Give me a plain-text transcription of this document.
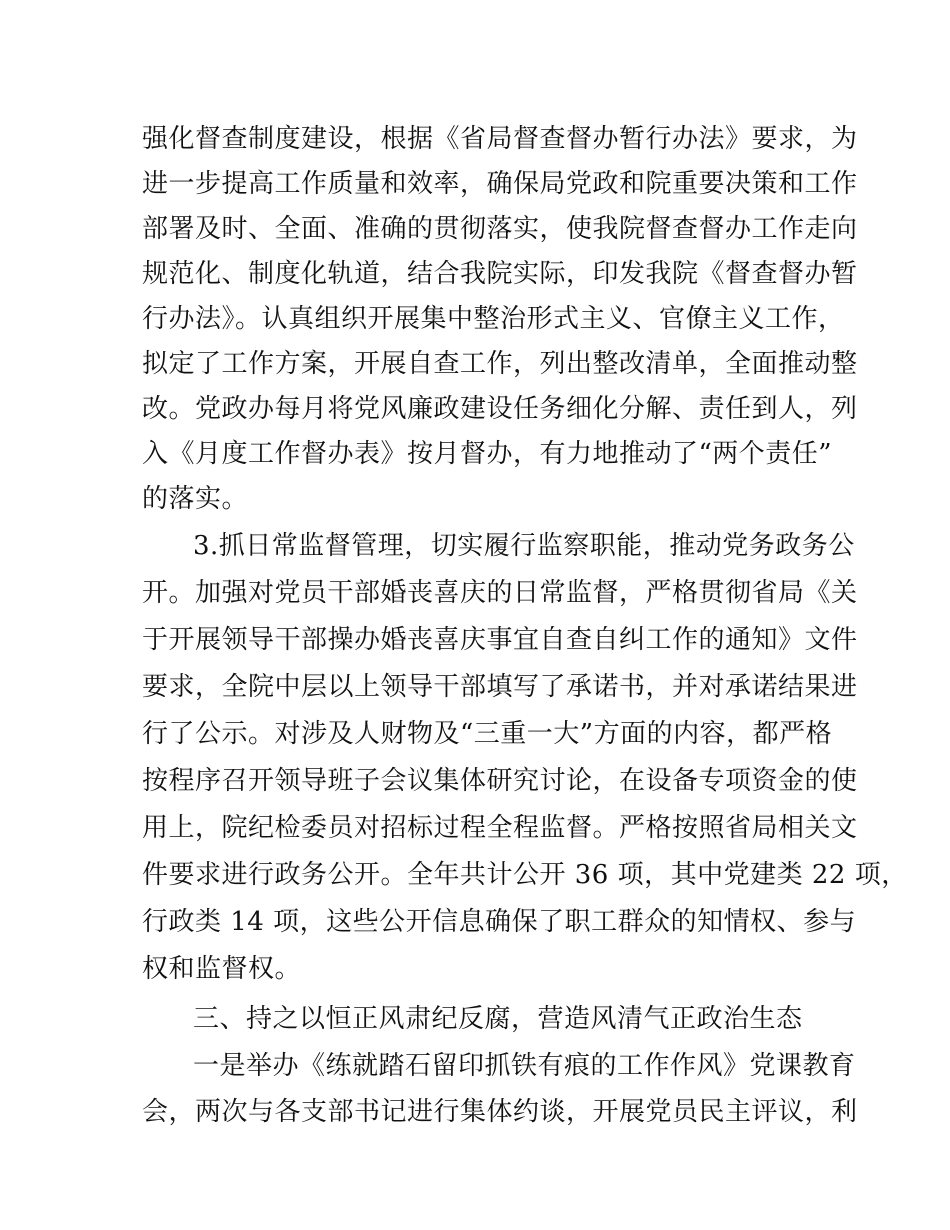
强化督查制度建设，根据《省局督查督办暂行办法》要求，为
进一步提高工作质量和效率，确保局党政和院重要决策和工作
部署及时、全面、准确的贯彻落实，使我院督查督办工作走向
规范化、制度化轨道，结合我院实际，印发我院《督查督办暂
行办法》。认真组织开展集中整治形式主义、官僚主义工作，
拟定了工作方案，开展自查工作，列出整改清单，全面推动整
改。党政办每月将党风廉政建设任务细化分解、责任到人，列
入《月度工作督办表》按月督办，有力地推动了“两个责任”
的落实。
3.抓日常监督管理，切实履行监察职能，推动党务政务公
开。加强对党员干部婚丧喜庆的日常监督，严格贯彻省局《关
于开展领导干部操办婚丧喜庆事宜自查自纠工作的通知》文件
要求，全院中层以上领导干部填写了承诺书，并对承诺结果进
行了公示。对涉及人财物及“三重一大”方面的内容，都严格
按程序召开领导班子会议集体研究讨论，在设备专项资金的使
用上，院纪检委员对招标过程全程监督。严格按照省局相关文
件要求进行政务公开。全年共计公开 36 项，其中党建类 22 项，
行政类 14 项，这些公开信息确保了职工群众的知情权、参与
权和监督权。
三、持之以恒正风肃纪反腐，营造风清气正政治生态
一是举办《练就踏石留印抓铁有痕的工作作风》党课教育
会，两次与各支部书记进行集体约谈，开展党员民主评议，利
